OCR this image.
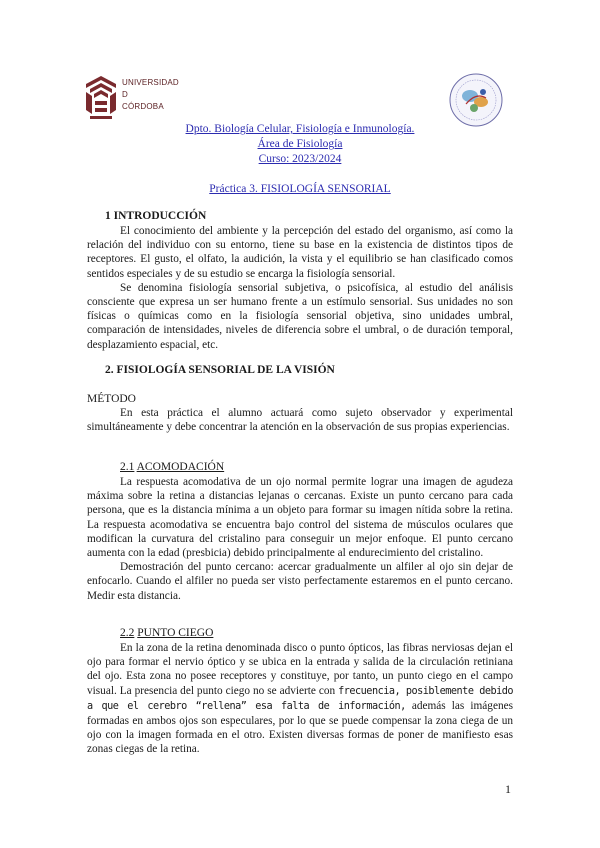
UNIVERSIDAD
D
CÓRDOBA
Dpto. Biología Celular, Fisiología e Inmunología.
Área de Fisiología
Curso: 2023/2024
Práctica 3. FISIOLOGÍA SENSORIAL
1 INTRODUCCIÓN

El conocimiento del ambiente y la percepción del estado del organismo, así como la relación del individuo con su entorno, tiene su base en la existencia de distintos tipos de receptores. El gusto, el olfato, la audición, la vista y el equilibrio se han clasificado comos sentidos especiales y de su estudio se encarga la fisiología sensorial.

Se denomina fisiología sensorial subjetiva, o psicofísica, al estudio del análisis consciente que expresa un ser humano frente a un estímulo sensorial. Sus unidades no son físicas o químicas como en la fisiología sensorial objetiva, sino unidades umbral, comparación de intensidades, niveles de diferencia sobre el umbral, o de duración temporal, desplazamiento espacial, etc.

2. FISIOLOGÍA SENSORIAL DE LA VISIÓN
MÉTODO

En esta práctica el alumno actuará como sujeto observador y experimental simultáneamente y debe concentrar la atención en la observación de sus propias experiencias.

2.1 ACOMODACIÓN

La respuesta acomodativa de un ojo normal permite lograr una imagen de agudeza máxima sobre la retina a distancias lejanas o cercanas. Existe un punto cercano para cada persona, que es la distancia mínima a un objeto para formar su imagen nítida sobre la retina. La respuesta acomodativa se encuentra bajo control del sistema de músculos oculares que modifican la curvatura del cristalino para conseguir un mejor enfoque. El punto cercano aumenta con la edad (presbicia) debido principalmente al endurecimiento del cristalino.

Demostración del punto cercano: acercar gradualmente un alfiler al ojo sin dejar de enfocarlo. Cuando el alfiler no pueda ser visto perfectamente estaremos en el punto cercano. Medir esta distancia.

2.2 PUNTO CIEGO

En la zona de la retina denominada disco o punto ópticos, las fibras nerviosas dejan el ojo para formar el nervio óptico y se ubica en la entrada y salida de la circulación retiniana del ojo. Esta zona no posee receptores y constituye, por tanto, un punto ciego en el campo visual. La presencia del punto ciego no se advierte con frecuencia, posiblemente debido a que el cerebro “rellena” esa falta de información, además las imágenes formadas en ambos ojos son especulares, por lo que se puede compensar la zona ciega de un ojo con la imagen formada en el otro. Existen diversas formas de poner de manifiesto esas zonas ciegas de la retina.

1
